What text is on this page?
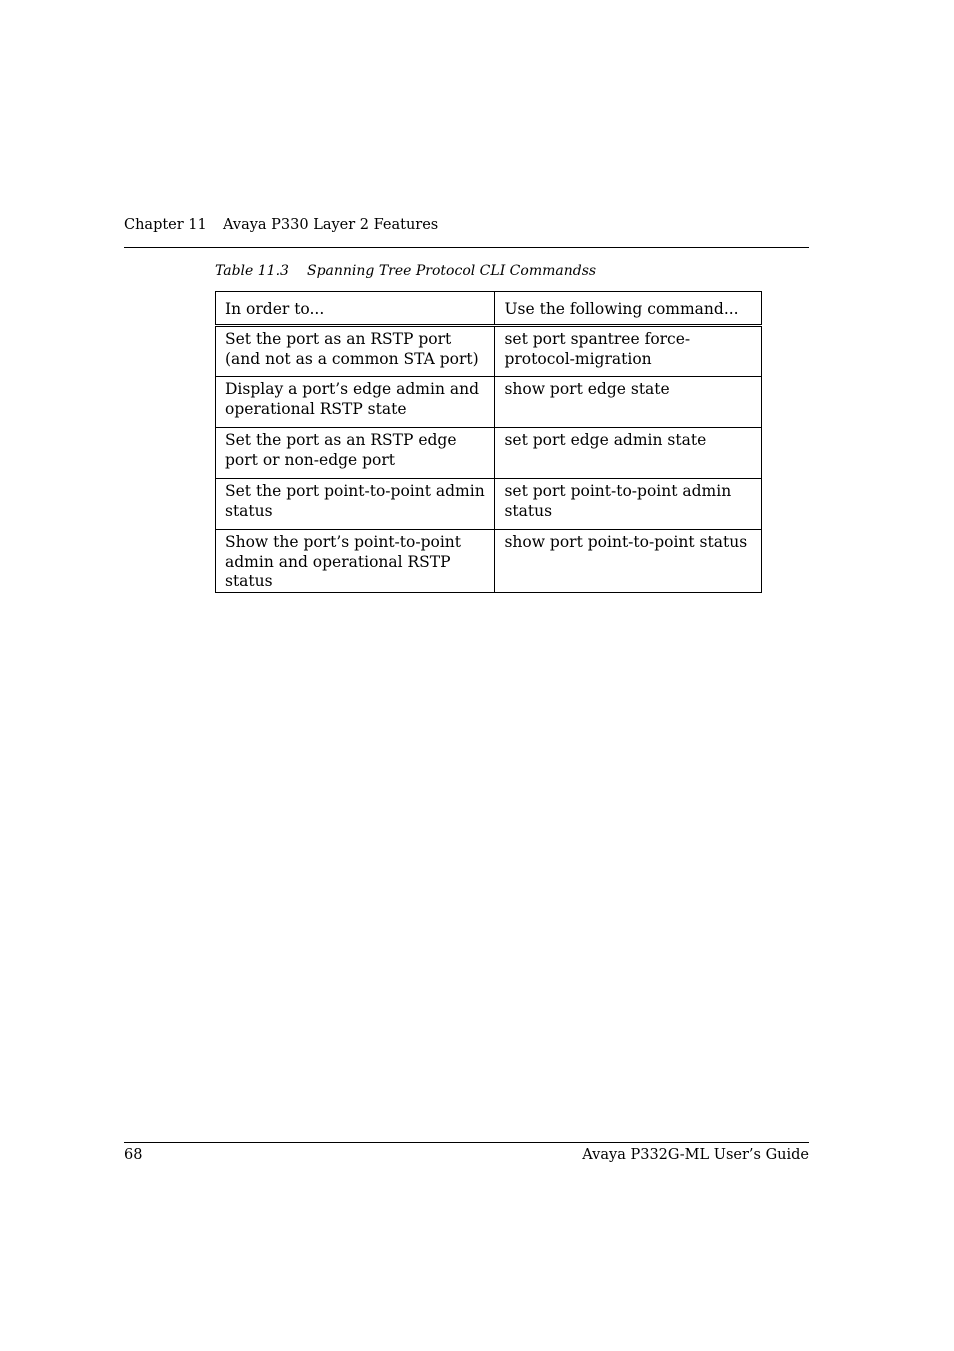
Chapter 11 Avaya P330 Layer 2 Features
Table 11.3 Spanning Tree Protocol CLI Commandss
In order to...	Use the following command...
Set the port as an RSTP port (and not as a common STA port)	set port spantree force-protocol-migration
Display a port’s edge admin and operational RSTP state	show port edge state
Set the port as an RSTP edge port or non-edge port	set port edge admin state
Set the port point-to-point admin status	set port point-to-point admin status
Show the port’s point-to-point admin and operational RSTP status	show port point-to-point status
68	Avaya P332G-ML User’s Guide
